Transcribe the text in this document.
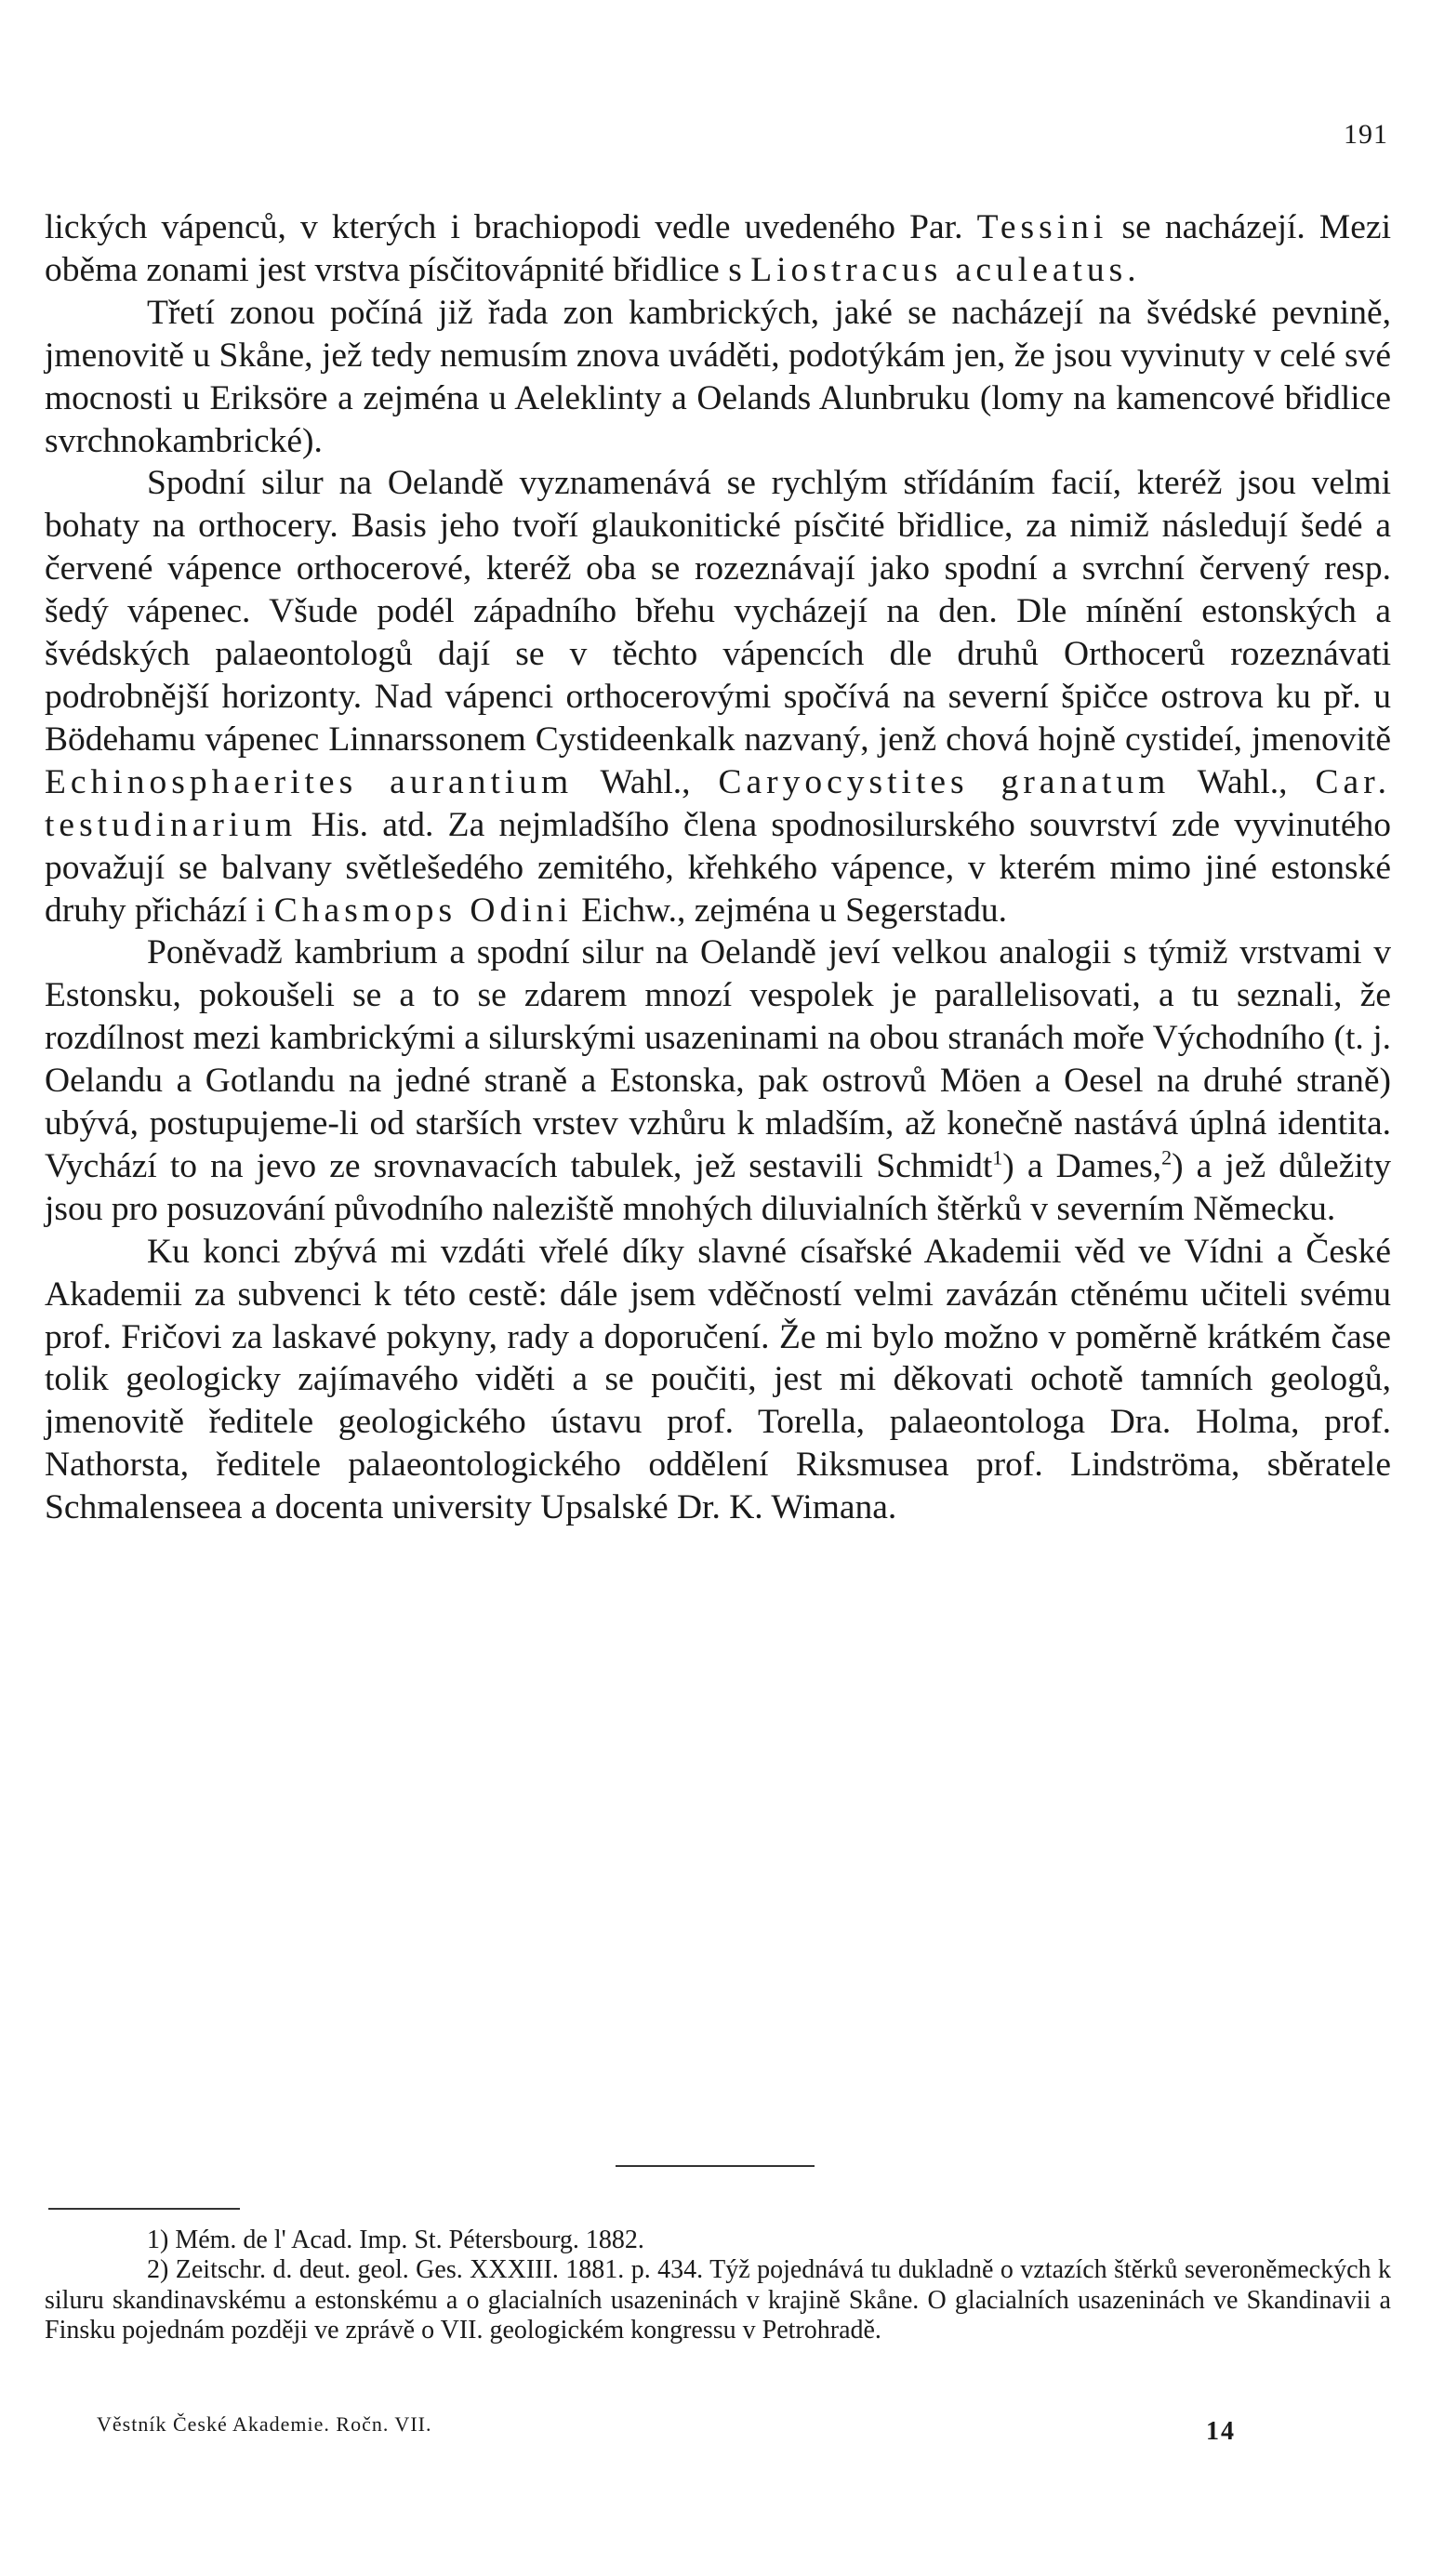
191

lických vápenců, v kterých i brachiopodi vedle uvedeného Par. Tessini se nacházejí. Mezi oběma zonami jest vrstva písčitovápnité břidlice s Liostracus aculeatus.

Třetí zonou počíná již řada zon kambrických, jaké se nacházejí na švédské pevnině, jmenovitě u Skåne, jež tedy nemusím znova uváděti, podotýkám jen, že jsou vyvinuty v celé své mocnosti u Eriksöre a zejména u Aeleklinty a Oelands Alunbruku (lomy na kamencové břidlice svrchnokambrické).

Spodní silur na Oelandě vyznamenává se rychlým střídáním facií, kteréž jsou velmi bohaty na orthocery. Basis jeho tvoří glaukonitické písčité břidlice, za nimiž následují šedé a červené vápence orthocerové, kteréž oba se rozeznávají jako spodní a svrchní červený resp. šedý vápenec. Všude podél západního břehu vycházejí na den. Dle mínění estonských a švédských palaeontologů dají se v těchto vápencích dle druhů Orthocerů rozeznávati podrobnější horizonty. Nad vápenci orthocerovými spočívá na severní špičce ostrova ku př. u Bödehamu vápenec Linnarssonem Cystideenkalk nazvaný, jenž chová hojně cystideí, jmenovitě Echinosphaerites aurantium Wahl., Caryocystites granatum Wahl., Car. testudinarium His. atd. Za nejmladšího člena spodnosilurského souvrství zde vyvinutého považují se balvany světlešedého zemitého, křehkého vápence, v kterém mimo jiné estonské druhy přichází i Chasmops Odini Eichw., zejména u Segerstadu.

Poněvadž kambrium a spodní silur na Oelandě jeví velkou analogii s týmiž vrstvami v Estonsku, pokoušeli se a to se zdarem mnozí vespolek je parallelisovati, a tu seznali, že rozdílnost mezi kambrickými a silurskými usazeninami na obou stranách moře Východního (t. j. Oelandu a Gotlandu na jedné straně a Estonska, pak ostrovů Möen a Oesel na druhé straně) ubývá, postupujeme-li od starších vrstev vzhůru k mladším, až konečně nastává úplná identita. Vychází to na jevo ze srovnavacích tabulek, jež sestavili Schmidt$^1$) a Dames,$^2$) a jež důležity jsou pro posuzování původního naleziště mnohých diluvialních štěrků v severním Německu.

Ku konci zbývá mi vzdáti vřelé díky slavné císařské Akademii věd ve Vídni a České Akademii za subvenci k této cestě: dále jsem vděčností velmi zavázán ctěnému učiteli svému prof. Fričovi za laskavé pokyny, rady a doporučení. Že mi bylo možno v poměrně krátkém čase tolik geologicky zajímavého viděti a se poučiti, jest mi děkovati ochotě tamních geologů, jmenovitě ředitele geologického ústavu prof. Torella, palaeontologa Dra. Holma, prof. Nathorsta, ředitele palaeontologického oddělení Riksmusea prof. Lindströma, sběratele Schmalenseea a docenta university Upsalské Dr. K. Wimana.

1) Mém. de l' Acad. Imp. St. Pétersbourg. 1882.

2) Zeitschr. d. deut. geol. Ges. XXXIII. 1881. p. 434. Týž pojednává tu dukladně o vztazích štěrků severoněmeckých k siluru skandinavskému a estonskému a o glacialních usazeninách v krajině Skåne. O glacialních usazeninách ve Skandinavii a Finsku pojednám později ve zprávě o VII. geologickém kongressu v Petrohradě.

Věstník České Akademie. Ročn. VII.	14
